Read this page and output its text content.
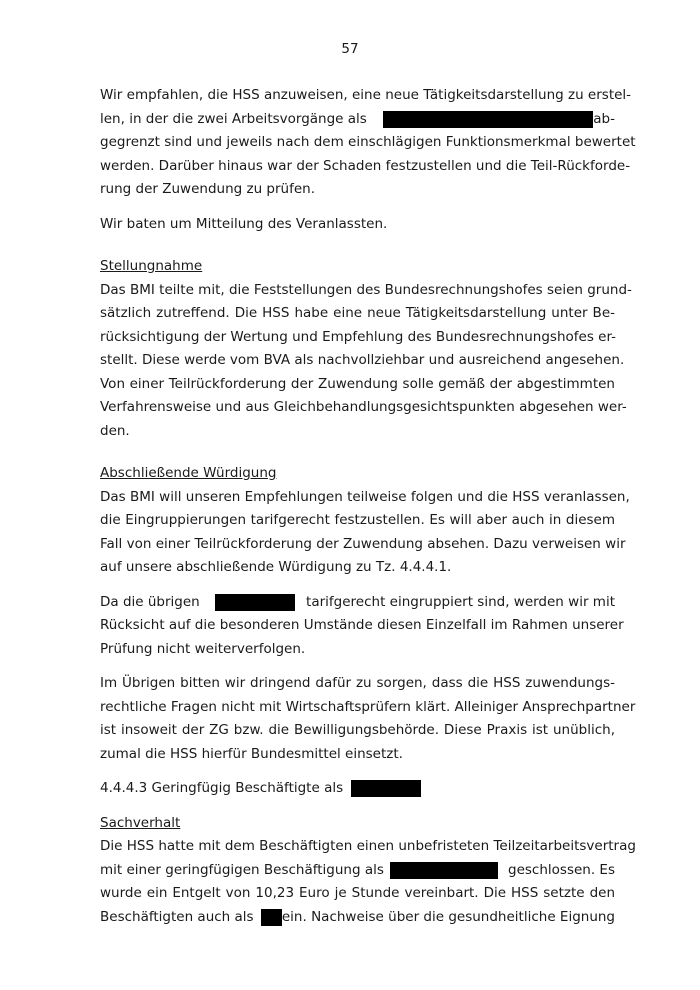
57
Wir empfahlen, die HSS anzuweisen, eine neue Tätigkeitsdarstellung zu erstel-
len, in der die zwei Arbeitsvorgänge als	ab-
gegrenzt sind und jeweils nach dem einschlägigen Funktionsmerkmal bewertet
werden. Darüber hinaus war der Schaden festzustellen und die Teil-Rückforde-
rung der Zuwendung zu prüfen.
Wir baten um Mitteilung des Veranlassten.
Stellungnahme
Das BMI teilte mit, die Feststellungen des Bundesrechnungshofes seien grund-
sätzlich zutreffend. Die HSS habe eine neue Tätigkeitsdarstellung unter Be-
rücksichtigung der Wertung und Empfehlung des Bundesrechnungshofes er-
stellt. Diese werde vom BVA als nachvollziehbar und ausreichend angesehen.
Von einer Teilrückforderung der Zuwendung solle gemäß der abgestimmten
Verfahrensweise und aus Gleichbehandlungsgesichtspunkten abgesehen wer-
den.
Abschließende Würdigung
Das BMI will unseren Empfehlungen teilweise folgen und die HSS veranlassen,
die Eingruppierungen tarifgerecht festzustellen. Es will aber auch in diesem
Fall von einer Teilrückforderung der Zuwendung absehen. Dazu verweisen wir
auf unsere abschließende Würdigung zu Tz. 4.4.4.1.
Da die übrigen	tarifgerecht eingruppiert sind, werden wir mit
Rücksicht auf die besonderen Umstände diesen Einzelfall im Rahmen unserer
Prüfung nicht weiterverfolgen.
Im Übrigen bitten wir dringend dafür zu sorgen, dass die HSS zuwendungs-
rechtliche Fragen nicht mit Wirtschaftsprüfern klärt. Alleiniger Ansprechpartner
ist insoweit der ZG bzw. die Bewilligungsbehörde. Diese Praxis ist unüblich,
zumal die HSS hierfür Bundesmittel einsetzt.
4.4.4.3 Geringfügig Beschäftigte als
Sachverhalt
Die HSS hatte mit dem Beschäftigten einen unbefristeten Teilzeitarbeitsvertrag
mit einer geringfügigen Beschäftigung als	geschlossen. Es
wurde ein Entgelt von 10,23 Euro je Stunde vereinbart. Die HSS setzte den
Beschäftigten auch als ein. Nachweise über die gesundheitliche Eignung
